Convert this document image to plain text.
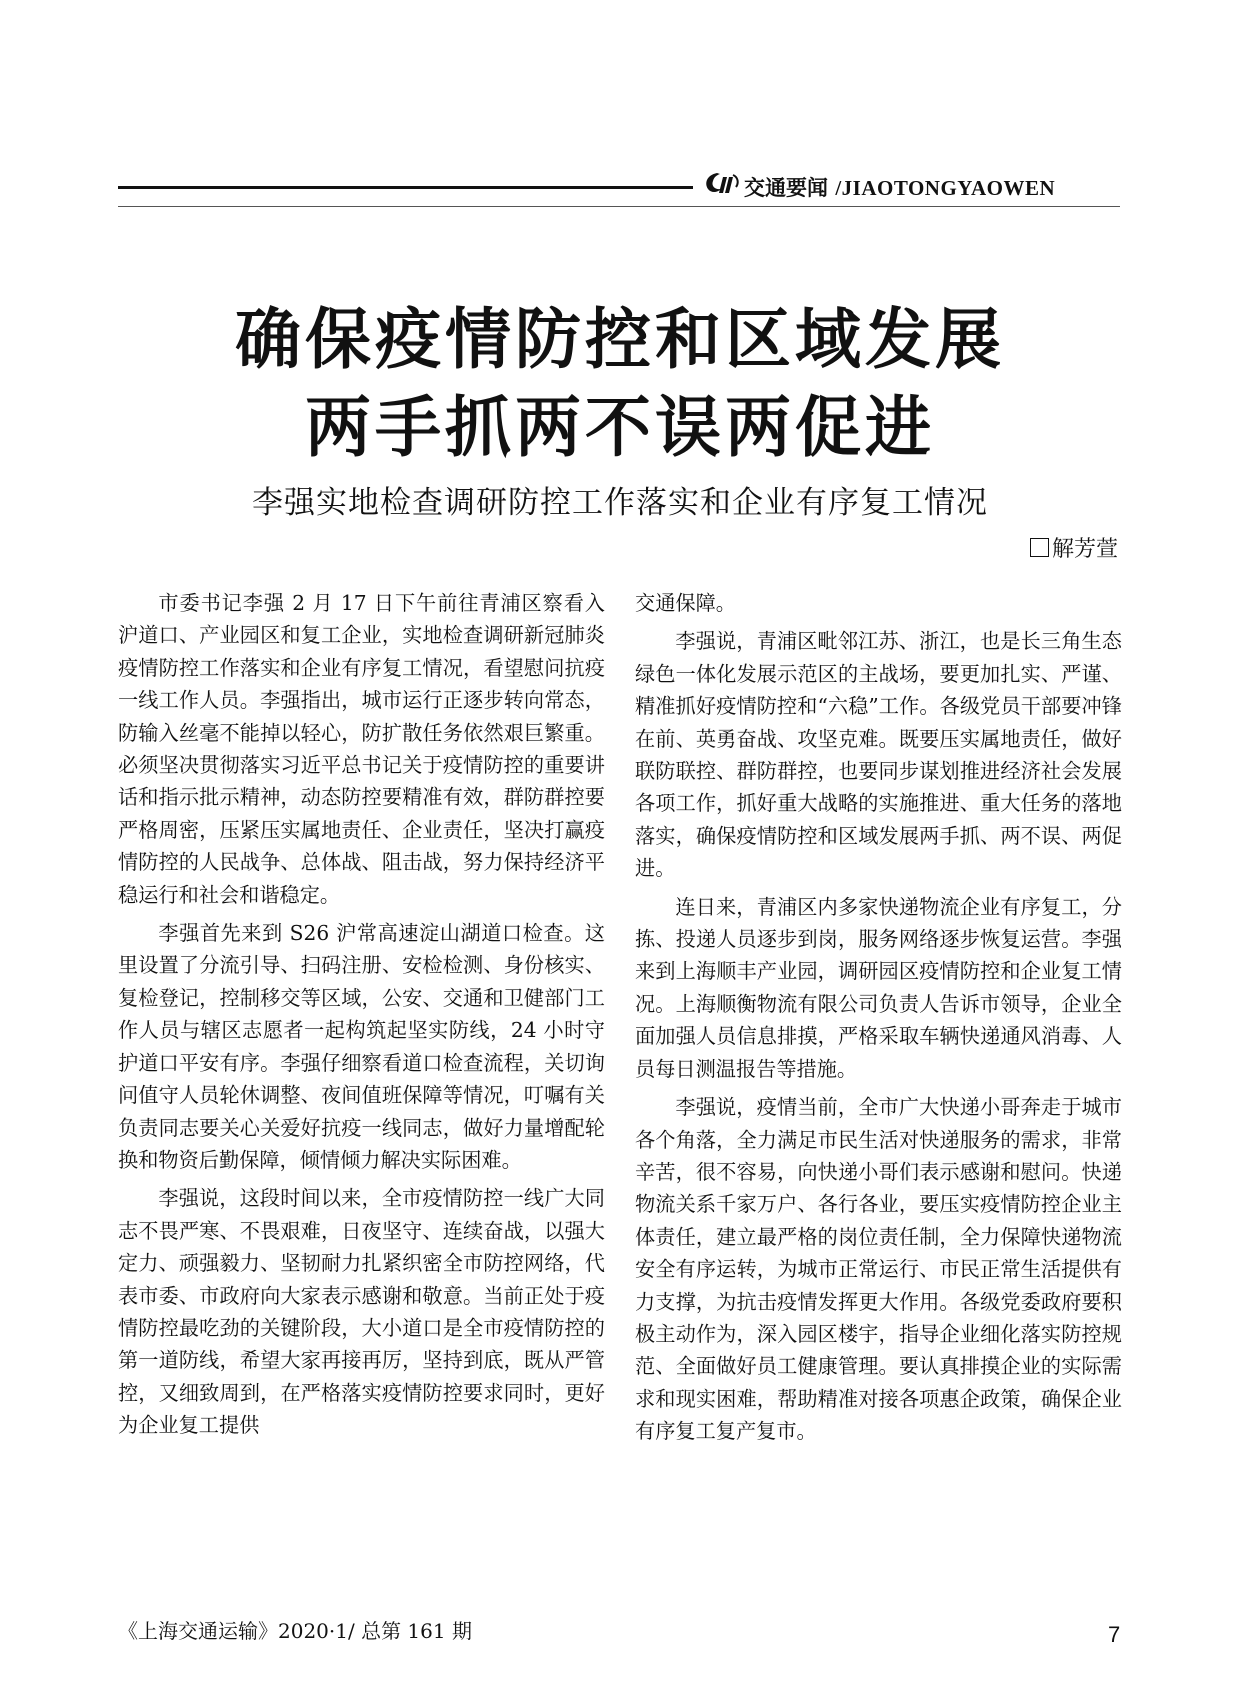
交通要闻 /JIAOTONGYAOWEN
确保疫情防控和区域发展
两手抓两不误两促进
李强实地检查调研防控工作落实和企业有序复工情况
解芳萱

市委书记李强 2 月 17 日下午前往青浦区察看入沪道口、产业园区和复工企业，实地检查调研新冠肺炎疫情防控工作落实和企业有序复工情况，看望慰问抗疫一线工作人员。李强指出，城市运行正逐步转向常态，防输入丝毫不能掉以轻心，防扩散任务依然艰巨繁重。必须坚决贯彻落实习近平总书记关于疫情防控的重要讲话和指示批示精神，动态防控要精准有效，群防群控要严格周密，压紧压实属地责任、企业责任，坚决打赢疫情防控的人民战争、总体战、阻击战，努力保持经济平稳运行和社会和谐稳定。

李强首先来到 S26 沪常高速淀山湖道口检查。这里设置了分流引导、扫码注册、安检检测、身份核实、复检登记，控制移交等区域，公安、交通和卫健部门工作人员与辖区志愿者一起构筑起坚实防线，24 小时守护道口平安有序。李强仔细察看道口检查流程，关切询问值守人员轮休调整、夜间值班保障等情况，叮嘱有关负责同志要关心关爱好抗疫一线同志，做好力量增配轮换和物资后勤保障，倾情倾力解决实际困难。

李强说，这段时间以来，全市疫情防控一线广大同志不畏严寒、不畏艰难，日夜坚守、连续奋战，以强大定力、顽强毅力、坚韧耐力扎紧织密全市防控网络，代表市委、市政府向大家表示感谢和敬意。当前正处于疫情防控最吃劲的关键阶段，大小道口是全市疫情防控的第一道防线，希望大家再接再厉，坚持到底，既从严管控，又细致周到，在严格落实疫情防控要求同时，更好为企业复工提供

交通保障。

李强说，青浦区毗邻江苏、浙江，也是长三角生态绿色一体化发展示范区的主战场，要更加扎实、严谨、精准抓好疫情防控和“六稳”工作。各级党员干部要冲锋在前、英勇奋战、攻坚克难。既要压实属地责任，做好联防联控、群防群控，也要同步谋划推进经济社会发展各项工作，抓好重大战略的实施推进、重大任务的落地落实，确保疫情防控和区域发展两手抓、两不误、两促进。

连日来，青浦区内多家快递物流企业有序复工，分拣、投递人员逐步到岗，服务网络逐步恢复运营。李强来到上海顺丰产业园，调研园区疫情防控和企业复工情况。上海顺衡物流有限公司负责人告诉市领导，企业全面加强人员信息排摸，严格采取车辆快递通风消毒、人员每日测温报告等措施。

李强说，疫情当前，全市广大快递小哥奔走于城市各个角落，全力满足市民生活对快递服务的需求，非常辛苦，很不容易，向快递小哥们表示感谢和慰问。快递物流关系千家万户、各行各业，要压实疫情防控企业主体责任，建立最严格的岗位责任制，全力保障快递物流安全有序运转，为城市正常运行、市民正常生活提供有力支撑，为抗击疫情发挥更大作用。各级党委政府要积极主动作为，深入园区楼宇，指导企业细化落实防控规范、全面做好员工健康管理。要认真排摸企业的实际需求和现实困难，帮助精准对接各项惠企政策，确保企业有序复工复产复市。

《上海交通运输》2020·1/ 总第 161 期	7
